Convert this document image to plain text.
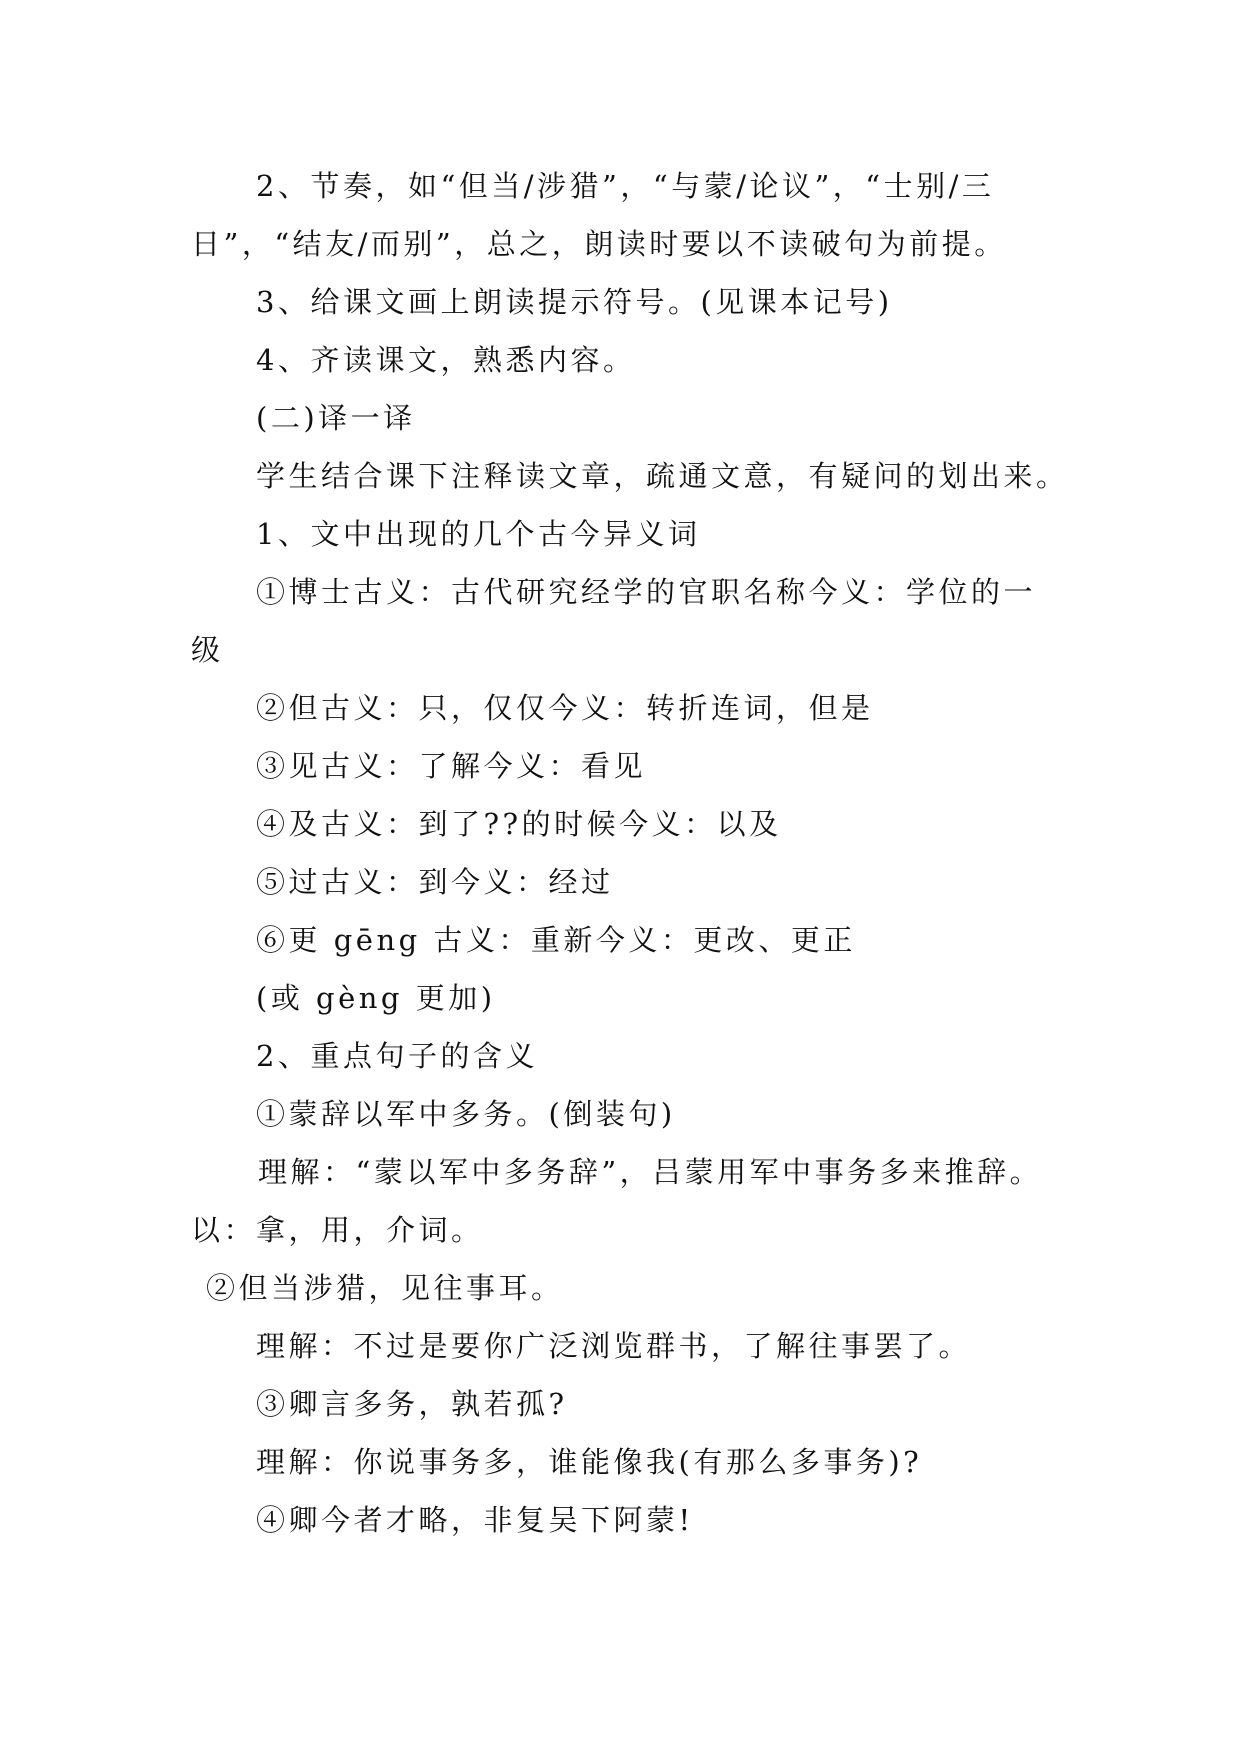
2、节奏，如“但当/涉猎”，“与蒙/论议”，“士别/三
日”，“结友/而别”，总之，朗读时要以不读破句为前提。
3、给课文画上朗读提示符号。(见课本记号)
4、齐读课文，熟悉内容。
(二)译一译
学生结合课下注释读文章，疏通文意，有疑问的划出来。
1、文中出现的几个古今异义词
①博士古义：古代研究经学的官职名称今义：学位的一
级
②但古义：只，仅仅今义：转折连词，但是
③见古义：了解今义：看见
④及古义：到了??的时候今义：以及
⑤过古义：到今义：经过
⑥更 gēng 古义：重新今义：更改、更正
(或 gèng 更加)
2、重点句子的含义
①蒙辞以军中多务。(倒装句)
理解：“蒙以军中多务辞”，吕蒙用军中事务多来推辞。
以：拿，用，介词。
②但当涉猎，见往事耳。
理解：不过是要你广泛浏览群书，了解往事罢了。
③卿言多务，孰若孤?
理解：你说事务多，谁能像我(有那么多事务)?
④卿今者才略，非复吴下阿蒙!
